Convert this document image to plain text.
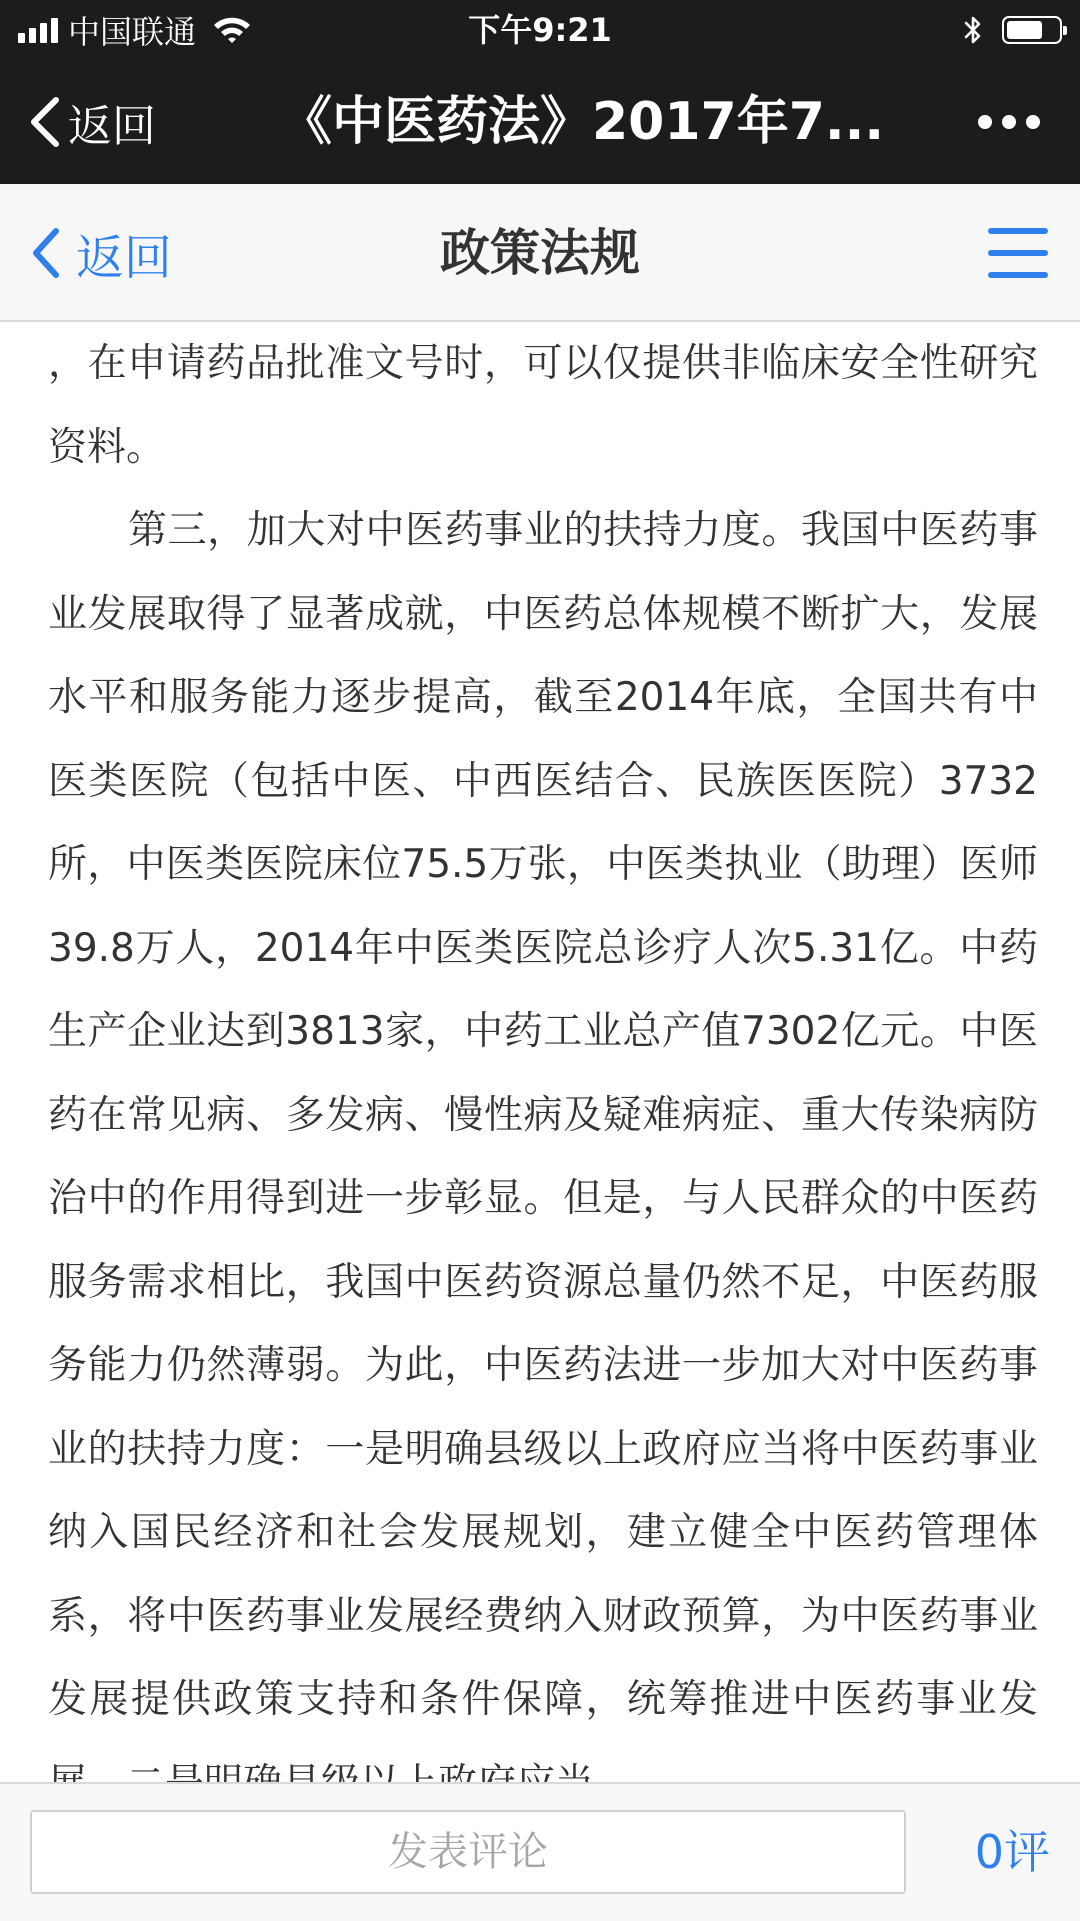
中国联通	下午9:21
返回 《中医药法》2017年7...
返回	政策法规

，在申请药品批准文号时，可以仅提供非临床安全性研究资料。

第三，加大对中医药事业的扶持力度。我国中医药事业发展取得了显著成就，中医药总体规模不断扩大，发展水平和服务能力逐步提高，截至2014年底，全国共有中医类医院（包括中医、中西医结合、民族医医院）3732所，中医类医院床位75.5万张，中医类执业（助理）医师39.8万人，2014年中医类医院总诊疗人次5.31亿。中药生产企业达到3813家，中药工业总产值7302亿元。中医药在常见病、多发病、慢性病及疑难病症、重大传染病防治中的作用得到进一步彰显。但是，与人民群众的中医药服务需求相比，我国中医药资源总量仍然不足，中医药服务能力仍然薄弱。为此，中医药法进一步加大对中医药事业的扶持力度：一是明确县级以上政府应当将中医药事业纳入国民经济和社会发展规划，建立健全中医药管理体系，将中医药事业发展经费纳入财政预算，为中医药事业发展提供政策支持和条件保障，统筹推进中医药事业发

发表评论	0评
